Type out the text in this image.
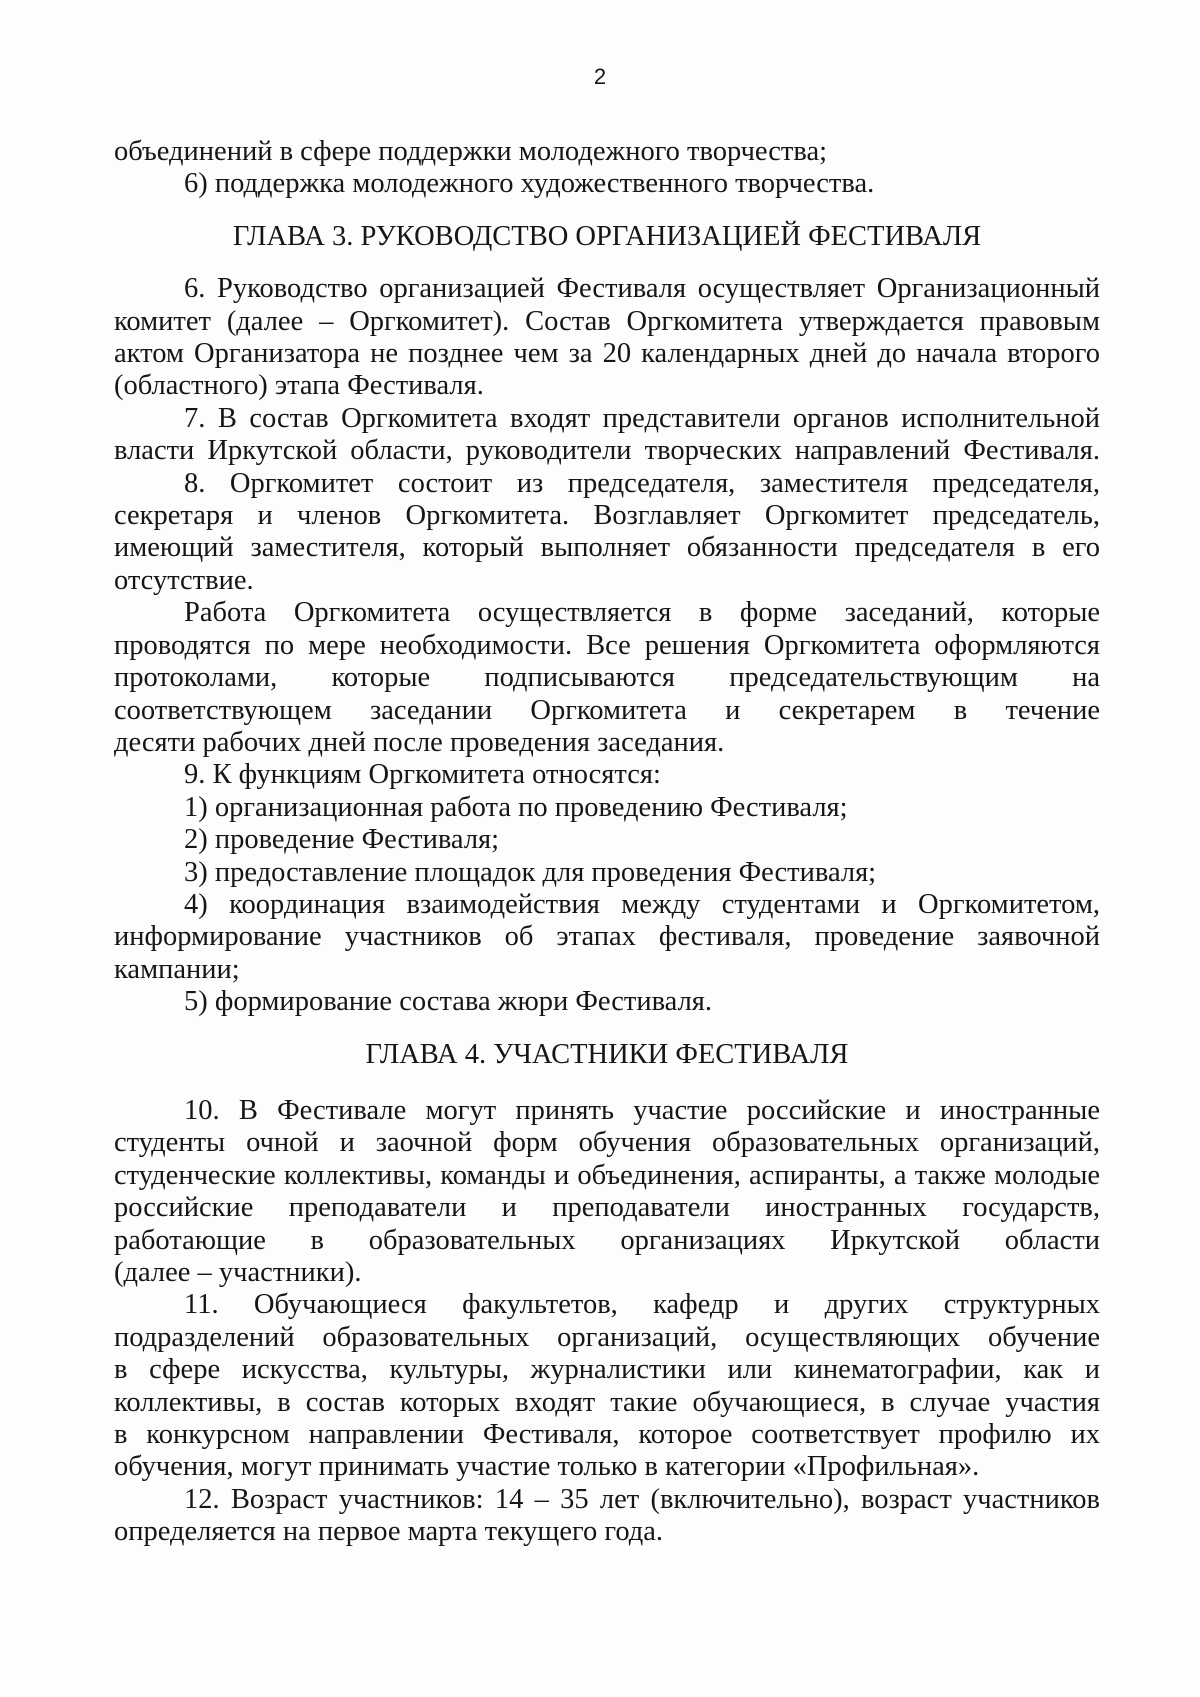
2
объединений в сфере поддержки молодежного творчества;
6) поддержка молодежного художественного творчества.
ГЛАВА 3. РУКОВОДСТВО ОРГАНИЗАЦИЕЙ ФЕСТИВАЛЯ
6. Руководство организацией Фестиваля осуществляет Организационный
комитет (далее – Оргкомитет). Состав Оргкомитета утверждается правовым
актом Организатора не позднее чем за 20 календарных дней до начала второго
(областного) этапа Фестиваля.
7. В состав Оргкомитета входят представители органов исполнительной
власти Иркутской области, руководители творческих направлений Фестиваля.
8. Оргкомитет состоит из председателя, заместителя председателя,
секретаря и членов Оргкомитета. Возглавляет Оргкомитет председатель,
имеющий заместителя, который выполняет обязанности председателя в его
отсутствие.
Работа Оргкомитета осуществляется в форме заседаний, которые
проводятся по мере необходимости. Все решения Оргкомитета оформляются
протоколами, которые подписываются председательствующим на
соответствующем заседании Оргкомитета и секретарем в течение
десяти рабочих дней после проведения заседания.
9. К функциям Оргкомитета относятся:
1) организационная работа по проведению Фестиваля;
2) проведение Фестиваля;
3) предоставление площадок для проведения Фестиваля;
4) координация взаимодействия между студентами и Оргкомитетом,
информирование участников об этапах фестиваля, проведение заявочной
кампании;
5) формирование состава жюри Фестиваля.
ГЛАВА 4. УЧАСТНИКИ ФЕСТИВАЛЯ
10. В Фестивале могут принять участие российские и иностранные
студенты очной и заочной форм обучения образовательных организаций,
студенческие коллективы, команды и объединения, аспиранты, а также молодые
российские преподаватели и преподаватели иностранных государств,
работающие в образовательных организациях Иркутской области
(далее – участники).
11. Обучающиеся факультетов, кафедр и других структурных
подразделений образовательных организаций, осуществляющих обучение
в сфере искусства, культуры, журналистики или кинематографии, как и
коллективы, в состав которых входят такие обучающиеся, в случае участия
в конкурсном направлении Фестиваля, которое соответствует профилю их
обучения, могут принимать участие только в категории «Профильная».
12. Возраст участников: 14 – 35 лет (включительно), возраст участников
определяется на первое марта текущего года.
